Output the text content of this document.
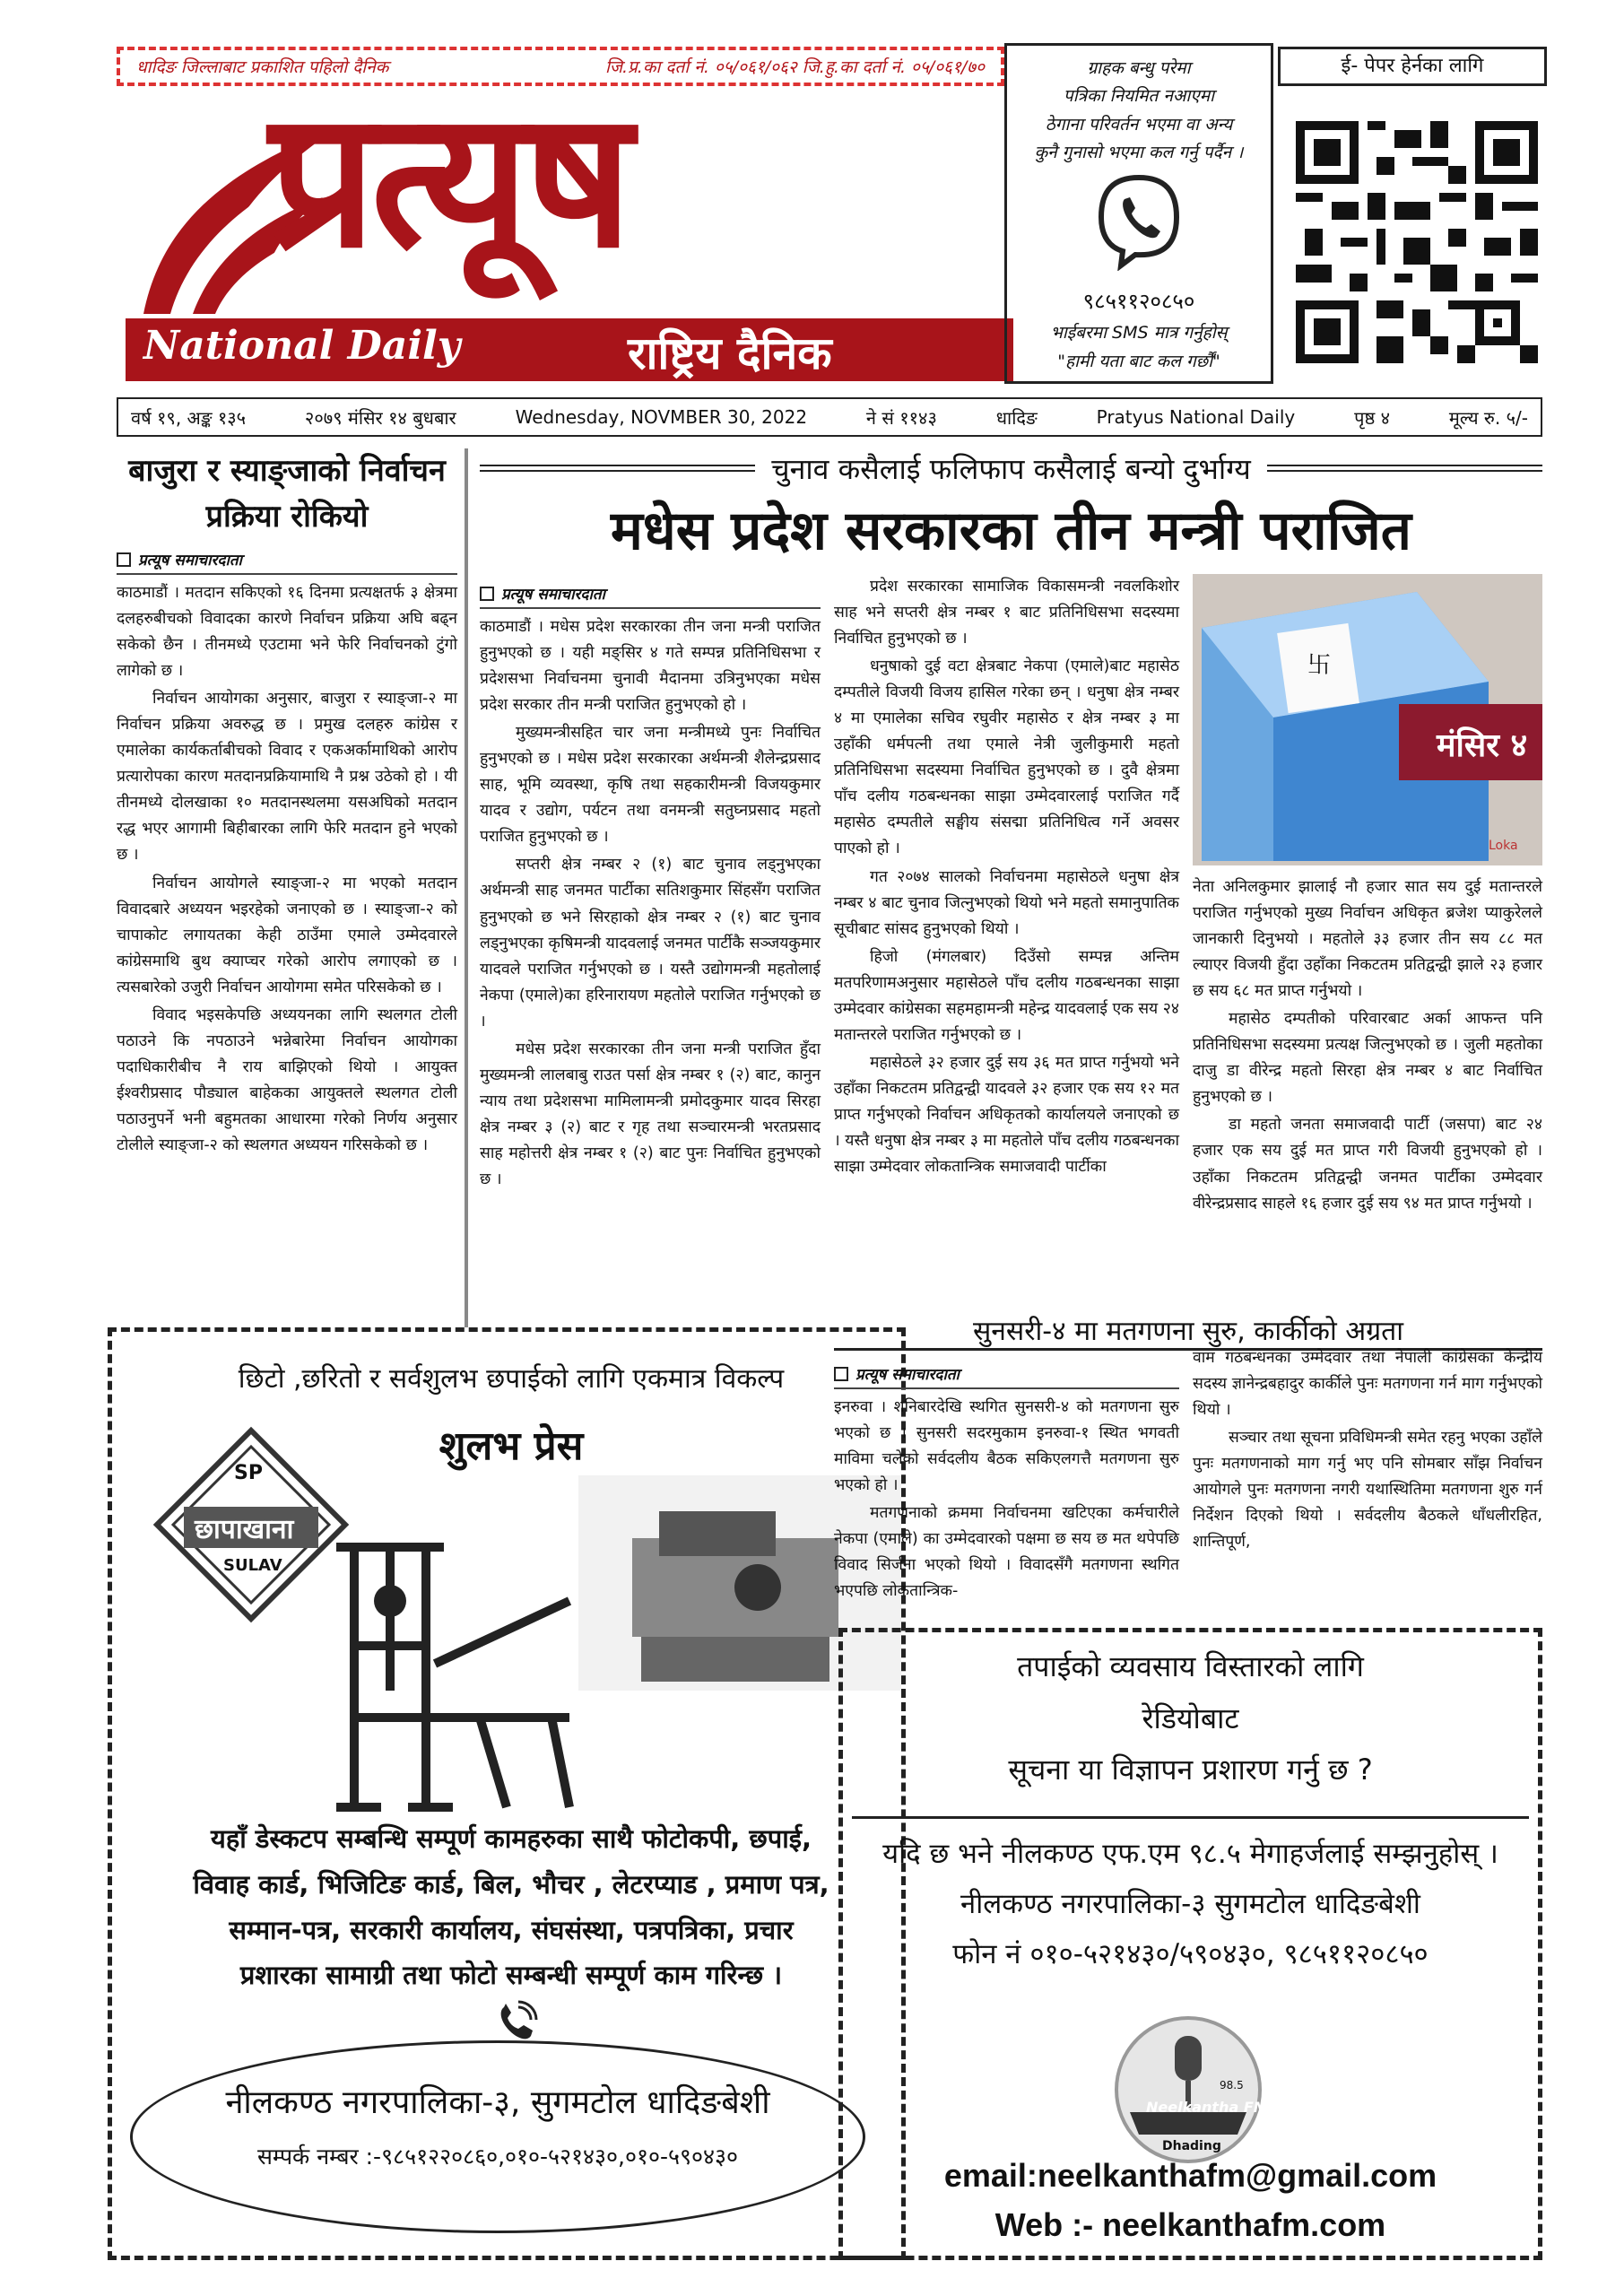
धादिङ जिल्लाबाट प्रकाशित पहिलो दैनिक	जि.प्र.का दर्ता नं. ०५/०६१/०६२ जि.हु.का दर्ता नं. ०५/०६१/७०
प्रत्यूष
National Daily	राष्ट्रिय दैनिक
ग्राहक बन्धु परेमा
पत्रिका नियमित नआएमा
ठेगाना परिवर्तन भएमा वा अन्य
कुनै गुनासो भएमा कल गर्नु पर्दैन ।
९८५११२०८५०
भाईबरमा SMS मात्र गर्नुहोस्
"हामी यता बाट कल गर्छौं"
ई- पेपर हेर्नका लागि
वर्ष १९, अङ्क १३५	२०७९ मंसिर १४ बुधबार	Wednesday, NOVMBER 30, 2022	ने सं ११४३	धादिङ	Pratyus National Daily	पृष्ठ ४	मूल्य रु. ५/-
बाजुरा र स्याङ्जाको निर्वाचन
प्रक्रिया रोकियो
प्रत्यूष समाचारदाता

काठमाडौं । मतदान सकिएको १६ दिनमा प्रत्यक्षतर्फ ३ क्षेत्रमा दलहरुबीचको विवादका कारणे निर्वाचन प्रक्रिया अघि बढ्न सकेको छैन । तीनमध्ये एउटामा भने फेरि निर्वाचनको टुंगो लागेको छ ।

निर्वाचन आयोगका अनुसार, बाजुरा र स्याङ्जा-२ मा निर्वाचन प्रक्रिया अवरुद्ध छ । प्रमुख दलहरु कांग्रेस र एमालेका कार्यकर्ताबीचको विवाद र एकअर्कामाथिको आरोप प्रत्यारोपका कारण मतदानप्रक्रियामाथि नै प्रश्न उठेको हो । यी तीनमध्ये दोलखाका १० मतदानस्थलमा यसअघिको मतदान रद्ध भएर आगामी बिहीबारका लागि फेरि मतदान हुने भएको छ ।

निर्वाचन आयोगले स्याङ्जा-२ मा भएको मतदान विवादबारे अध्ययन भइरहेको जनाएको छ । स्याङ्जा-२ को चापाकोट लगायतका केही ठाउँमा एमाले उम्मेदवारले कांग्रेसमाथि बुथ क्याप्चर गरेको आरोप लगाएको छ । त्यसबारेको उजुरी निर्वाचन आयोगमा समेत परिसकेको छ ।

विवाद भइसकेपछि अध्ययनका लागि स्थलगत टोली पठाउने कि नपठाउने भन्नेबारेमा निर्वाचन आयोगका पदाधिकारीबीच नै राय बाझिएको थियो । आयुक्त ईश्वरीप्रसाद पौड्याल बाहेकका आयुक्तले स्थलगत टोली पठाउनुपर्ने भनी बहुमतका आधारमा गरेको निर्णय अनुसार टोलीले स्याङ्जा-२ को स्थलगत अध्ययन गरिसकेको छ ।

चुनाव कसैलाई फलिफाप कसैलाई बन्यो दुर्भाग्य
मधेस प्रदेश सरकारका तीन मन्त्री पराजित
प्रत्यूष समाचारदाता

काठमाडौं । मधेस प्रदेश सरकारका तीन जना मन्त्री पराजित हुनुभएको छ । यही मङ्सिर ४ गते सम्पन्न प्रतिनिधिसभा र प्रदेशसभा निर्वाचनमा चुनावी मैदानमा उत्रिनुभएका मधेस प्रदेश सरकार तीन मन्त्री पराजित हुनुभएको हो ।

मुख्यमन्त्रीसहित चार जना मन्त्रीमध्ये पुनः निर्वाचित हुनुभएको छ । मधेस प्रदेश सरकारका अर्थमन्त्री शैलेन्द्रप्रसाद साह, भूमि व्यवस्था, कृषि तथा सहकारीमन्त्री विजयकुमार यादव र उद्योग, पर्यटन तथा वनमन्त्री सतुघ्नप्रसाद महतो पराजित हुनुभएको छ ।

सप्तरी क्षेत्र नम्बर २ (१) बाट चुनाव लड्नुभएका अर्थमन्त्री साह जनमत पार्टीका सतिशकुमार सिंहसँग पराजित हुनुभएको छ भने सिरहाको क्षेत्र नम्बर २ (१) बाट चुनाव लड्नुभएका कृषिमन्त्री यादवलाई जनमत पार्टीकै सञ्जयकुमार यादवले पराजित गर्नुभएको छ । यस्तै उद्योगमन्त्री महतोलाई नेकपा (एमाले)का हरिनारायण महतोले पराजित गर्नुभएको छ ।

मधेस प्रदेश सरकारका तीन जना मन्त्री पराजित हुँदा मुख्यमन्त्री लालबाबु राउत पर्सा क्षेत्र नम्बर १ (२) बाट, कानुन न्याय तथा प्रदेशसभा मामिलामन्त्री प्रमोदकुमार यादव सिरहा क्षेत्र नम्बर ३ (२) बाट र गृह तथा सञ्चारमन्त्री भरतप्रसाद साह महोत्तरी क्षेत्र नम्बर १ (२) बाट पुनः निर्वाचित हुनुभएको छ ।

प्रदेश सरकारका सामाजिक विकासमन्त्री नवलकिशोर साह भने सप्तरी क्षेत्र नम्बर १ बाट प्रतिनिधिसभा सदस्यमा निर्वाचित हुनुभएको छ ।

धनुषाको दुई वटा क्षेत्रबाट नेकपा (एमाले)बाट महासेठ दम्पतीले विजयी विजय हासिल गरेका छन् । धनुषा क्षेत्र नम्बर ४ मा एमालेका सचिव रघुवीर महासेठ र क्षेत्र नम्बर ३ मा उहाँकी धर्मपत्नी तथा एमाले नेत्री जुलीकुमारी महतो प्रतिनिधिसभा सदस्यमा निर्वाचित हुनुभएको छ । दुवै क्षेत्रमा पाँच दलीय गठबन्धनका साझा उम्मेदवारलाई पराजित गर्दै महासेठ दम्पतीले सङ्घीय संसद्मा प्रतिनिधित्व गर्ने अवसर पाएको हो ।

गत २०७४ सालको निर्वाचनमा महासेठले धनुषा क्षेत्र नम्बर ४ बाट चुनाव जित्नुभएको थियो भने महतो समानुपातिक सूचीबाट सांसद हुनुभएको थियो ।

हिजो (मंगलबार) दिउँसो सम्पन्न अन्तिम मतपरिणामअनुसार महासेठले पाँच दलीय गठबन्धनका साझा उम्मेदवार कांग्रेसका सहमहामन्त्री महेन्द्र यादवलाई एक सय २४ मतान्तरले पराजित गर्नुभएको छ ।

महासेठले ३२ हजार दुई सय ३६ मत प्राप्त गर्नुभयो भने उहाँका निकटतम प्रतिद्वन्द्वी यादवले ३२ हजार एक सय १२ मत प्राप्त गर्नुभएको निर्वाचन अधिकृतको कार्यालयले जनाएको छ । यस्तै धनुषा क्षेत्र नम्बर ३ मा महतोले पाँच दलीय गठबन्धनका साझा उम्मेदवार लोकतान्त्रिक समाजवादी पार्टीका

卐
मंसिर ४
Loka

नेता अनिलकुमार झालाई नौ हजार सात सय दुई मतान्तरले पराजित गर्नुभएको मुख्य निर्वाचन अधिकृत ब्रजेश प्याकुरेलले जानकारी दिनुभयो । महतोले ३३ हजार तीन सय ८८ मत ल्याएर विजयी हुँदा उहाँका निकटतम प्रतिद्वन्द्वी झाले २३ हजार छ सय ६८ मत प्राप्त गर्नुभयो ।

महासेठ दम्पतीको परिवारबाट अर्का आफन्त पनि प्रतिनिधिसभा सदस्यमा प्रत्यक्ष जित्नुभएको छ । जुली महतोका दाजु डा वीरेन्द्र महतो सिरहा क्षेत्र नम्बर ४ बाट निर्वाचित हुनुभएको छ ।

डा महतो जनता समाजवादी पार्टी (जसपा) बाट २४ हजार एक सय दुई मत प्राप्त गरी विजयी हुनुभएको हो । उहाँका निकटतम प्रतिद्वन्द्वी जनमत पार्टीका उम्मेदवार वीरेन्द्रप्रसाद साहले १६ हजार दुई सय ९४ मत प्राप्त गर्नुभयो ।

छिटो ,छरितो र सर्वशुलभ छपाईको लागि एकमात्र विकल्प
शुलभ प्रेस
SP
छापाखाना
SULAV
यहाँ डेस्कटप सम्बन्धि सम्पूर्ण कामहरुका साथै फोटोकपी, छपाई,
विवाह कार्ड, भिजिटिङ कार्ड, बिल, भौचर , लेटरप्याड , प्रमाण पत्र,
सम्मान-पत्र, सरकारी कार्यालय, संघसंस्था, पत्रपत्रिका, प्रचार
प्रशारका सामाग्री तथा फोटो सम्बन्धी सम्पूर्ण काम गरिन्छ ।
नीलकण्ठ नगरपालिका-३, सुगमटोल धादिङबेशी
सम्पर्क नम्बर :-९८५१२२०८६०,०१०-५२१४३०,०१०-५९०४३०
सुनसरी-४ मा मतगणना सुरु, कार्कीको अग्रता
प्रत्यूष समाचारदाता

इनरुवा । शनिबारदेखि स्थगित सुनसरी-४ को मतगणना सुरु भएको छ । सुनसरी सदरमुकाम इनरुवा-१ स्थित भगवती माविमा चलेको सर्वदलीय बैठक सकिएलगत्तै मतगणना सुरु भएको हो ।

मतगणनाको क्रममा निर्वाचनमा खटिएका कर्मचारीले नेकपा (एमाले) का उम्मेदवारको पक्षमा छ सय छ मत थपेपछि विवाद सिर्जना भएको थियो । विवादसँगै मतगणना स्थगित भएपछि लोकतान्त्रिक-

वाम गठबन्धनका उम्मेदवार तथा नेपाली कांग्रेसका केन्द्रीय सदस्य ज्ञानेन्द्रबहादुर कार्कीले पुनः मतगणना गर्न माग गर्नुभएको थियो ।

सञ्चार तथा सूचना प्रविधिमन्त्री समेत रहनु भएका उहाँले पुनः मतगणनाको माग गर्नु भए पनि सोमबार साँझ निर्वाचन आयोगले पुनः मतगणना नगरी यथास्थितिमा मतगणना शुरु गर्न निर्देशन दिएको थियो । सर्वदलीय बैठकले धाँधलीरहित, शान्तिपूर्ण,

तपाईको व्यवसाय विस्तारको लागि
रेडियोबाट
सूचना या विज्ञापन प्रशारण गर्नु छ ?
यदि छ भने नीलकण्ठ एफ.एम ९८.५ मेगाहर्जलाई सम्झनुहोस् ।
नीलकण्ठ नगरपालिका-३ सुगमटोल धादिङबेशी
फोन नं ०१०-५२१४३०/५९०४३०, ९८५११२०८५०
Neelkantha FM
98.5
Dhading
email:neelkanthafm@gmail.com
Web :- neelkanthafm.com
